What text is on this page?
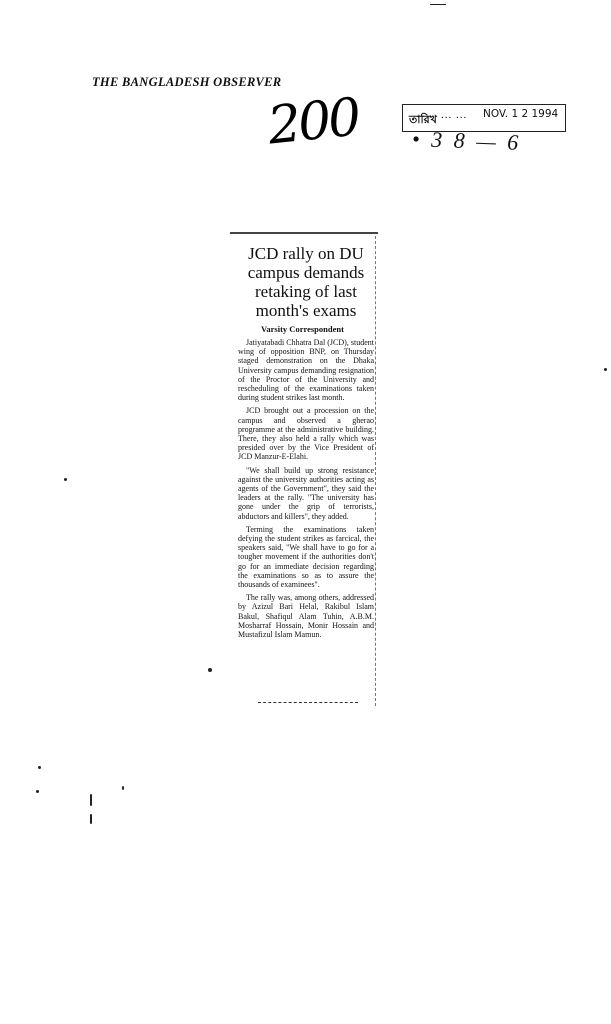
THE BANGLADESH OBSERVER
200	তারিখ ... ... NOV. 1 2 1994
• 3 8 — 6
JCD rally on DU campus demands retaking of last month's exams
Varsity Correspondent

Jatiyatabadi Chhatra Dal (JCD), student wing of opposition BNP, on Thursday staged demonstration on the Dhaka University campus demanding resignation of the Proctor of the University and rescheduling of the examinations taken during student strikes last month.

JCD brought out a procession on the campus and observed a gherao programme at the administrative building. There, they also held a rally which was presided over by the Vice President of JCD Manzur-E-Elahi.

"We shall build up strong resistance against the university authorities acting as agents of the Government", they said the leaders at the rally. "The university has gone under the grip of terrorists, abductors and killers", they added.

Terming the examinations taken defying the student strikes as farcical, the speakers said, "We shall have to go for a tougher movement if the authorities don't go for an immediate decision regarding the examinations so as to assure the thousands of examinees".

The rally was, among others, addressed by Azizul Bari Helal, Rakibul Islam Bakul, Shafiqul Alam Tuhin, A.B.M. Mosharraf Hossain, Monir Hossain and Mustafizul Islam Mamun.
